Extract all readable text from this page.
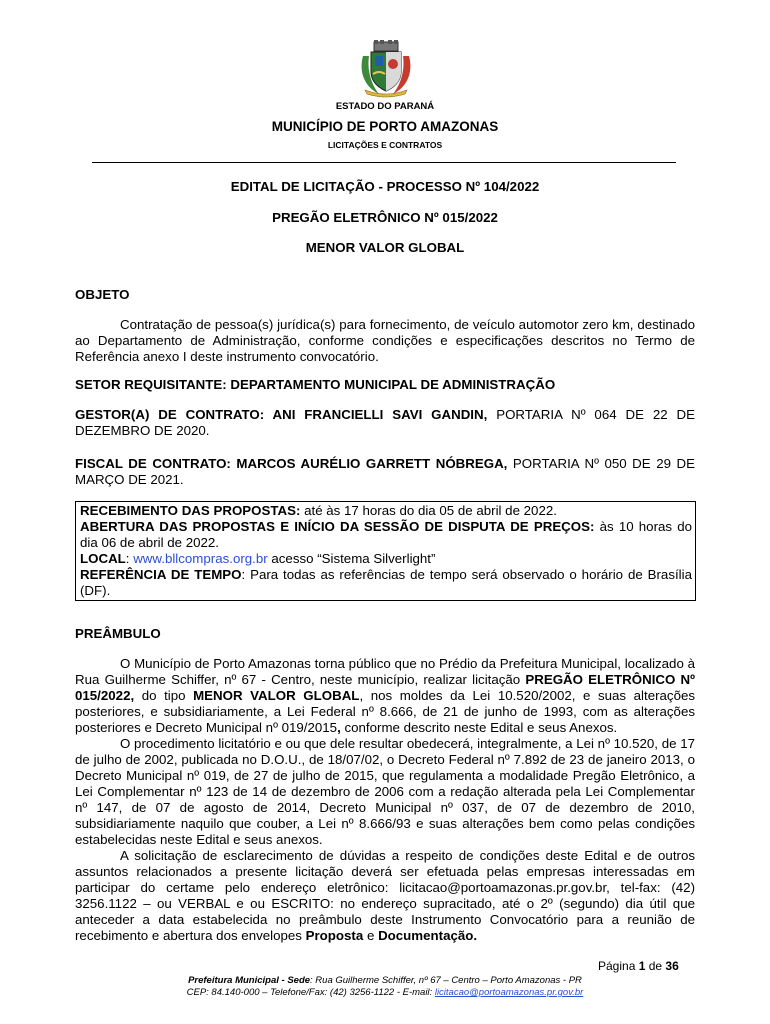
ESTADO DO PARANÁ
MUNICÍPIO DE PORTO AMAZONAS
LICITAÇÕES E CONTRATOS
EDITAL DE LICITAÇÃO - PROCESSO Nº 104/2022
PREGÃO ELETRÔNICO Nº 015/2022
MENOR VALOR GLOBAL
OBJETO
Contratação de pessoa(s) jurídica(s) para fornecimento, de veículo automotor zero km, destinado ao Departamento de Administração, conforme condições e especificações descritos no Termo de Referência anexo I deste instrumento convocatório.
SETOR REQUISITANTE: DEPARTAMENTO MUNICIPAL DE ADMINISTRAÇÃO
GESTOR(A) DE CONTRATO: ANI FRANCIELLI SAVI GANDIN, PORTARIA Nº 064 DE 22 DE DEZEMBRO DE 2020.
FISCAL DE CONTRATO: MARCOS AURÉLIO GARRETT NÓBREGA, PORTARIA Nº 050 DE 29 DE MARÇO DE 2021.
RECEBIMENTO DAS PROPOSTAS: até às 17 horas do dia 05 de abril de 2022.
ABERTURA DAS PROPOSTAS E INÍCIO DA SESSÃO DE DISPUTA DE PREÇOS: às 10 horas do dia 06 de abril de 2022.
LOCAL: www.bllcompras.org.br acesso “Sistema Silverlight”
REFERÊNCIA DE TEMPO: Para todas as referências de tempo será observado o horário de Brasília (DF).
PREÂMBULO
O Município de Porto Amazonas torna público que no Prédio da Prefeitura Municipal, localizado à Rua Guilherme Schiffer, nº 67 - Centro, neste município, realizar licitação PREGÃO ELETRÔNICO Nº 015/2022, do tipo MENOR VALOR GLOBAL, nos moldes da Lei 10.520/2002, e suas alterações posteriores, e subsidiariamente, a Lei Federal nº 8.666, de 21 de junho de 1993, com as alterações posteriores e Decreto Municipal nº 019/2015, conforme descrito neste Edital e seus Anexos.
O procedimento licitatório e ou que dele resultar obedecerá, integralmente, a Lei nº 10.520, de 17 de julho de 2002, publicada no D.O.U., de 18/07/02, o Decreto Federal nº 7.892 de 23 de janeiro 2013, o Decreto Municipal nº 019, de 27 de julho de 2015, que regulamenta a modalidade Pregão Eletrônico, a Lei Complementar nº 123 de 14 de dezembro de 2006 com a redação alterada pela Lei Complementar nº 147, de 07 de agosto de 2014, Decreto Municipal nº 037, de 07 de dezembro de 2010, subsidiariamente naquilo que couber, a Lei nº 8.666/93 e suas alterações bem como pelas condições estabelecidas neste Edital e seus anexos.
A solicitação de esclarecimento de dúvidas a respeito de condições deste Edital e de outros assuntos relacionados a presente licitação deverá ser efetuada pelas empresas interessadas em participar do certame pelo endereço eletrônico: licitacao@portoamazonas.pr.gov.br, tel-fax: (42) 3256.1122 – ou VERBAL e ou ESCRITO: no endereço supracitado, até o 2º (segundo) dia útil que anteceder a data estabelecida no preâmbulo deste Instrumento Convocatório para a reunião de recebimento e abertura dos envelopes Proposta e Documentação.
Página 1 de 36
Prefeitura Municipal - Sede: Rua Guilherme Schiffer, nº 67 – Centro – Porto Amazonas - PR
CEP: 84.140-000 – Telefone/Fax: (42) 3256-1122 - E-mail: licitacao@portoamazonas.pr.gov.br
